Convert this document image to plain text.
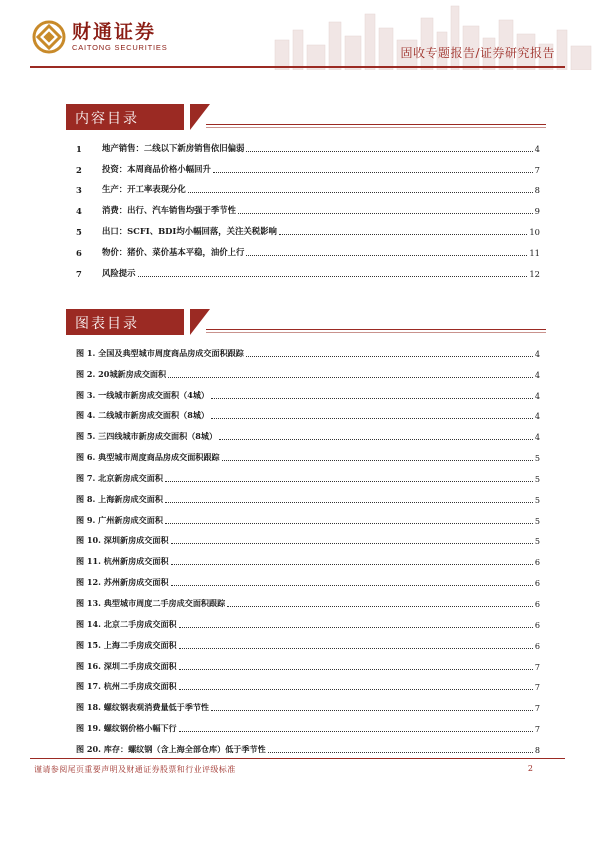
财通证券
CAITONG SECURITIES	固收专题报告/证券研究报告
内容目录
1	地产销售：二线以下新房销售依旧偏弱	4
2	投资：本周商品价格小幅回升	7
3	生产：开工率表现分化	8
4	消费：出行、汽车销售均强于季节性	9
5	出口：SCFI、BDI均小幅回落，关注关税影响	10
6	物价：猪价、菜价基本平稳，油价上行	11
7	风险提示	12
图表目录
图 1. 全国及典型城市周度商品房成交面积跟踪	4
图 2. 20城新房成交面积	4
图 3. 一线城市新房成交面积（4城）	4
图 4. 二线城市新房成交面积（8城）	4
图 5. 三四线城市新房成交面积（8城）	4
图 6. 典型城市周度商品房成交面积跟踪	5
图 7. 北京新房成交面积	5
图 8. 上海新房成交面积	5
图 9. 广州新房成交面积	5
图 10. 深圳新房成交面积	5
图 11. 杭州新房成交面积	6
图 12. 苏州新房成交面积	6
图 13. 典型城市周度二手房成交面积跟踪	6
图 14. 北京二手房成交面积	6
图 15. 上海二手房成交面积	6
图 16. 深圳二手房成交面积	7
图 17. 杭州二手房成交面积	7
图 18. 螺纹钢表观消费量低于季节性	7
图 19. 螺纹钢价格小幅下行	7
图 20. 库存：螺纹钢（含上海全部仓库）低于季节性	8
谨请参阅尾页重要声明及财通证券股票和行业评级标准	2
